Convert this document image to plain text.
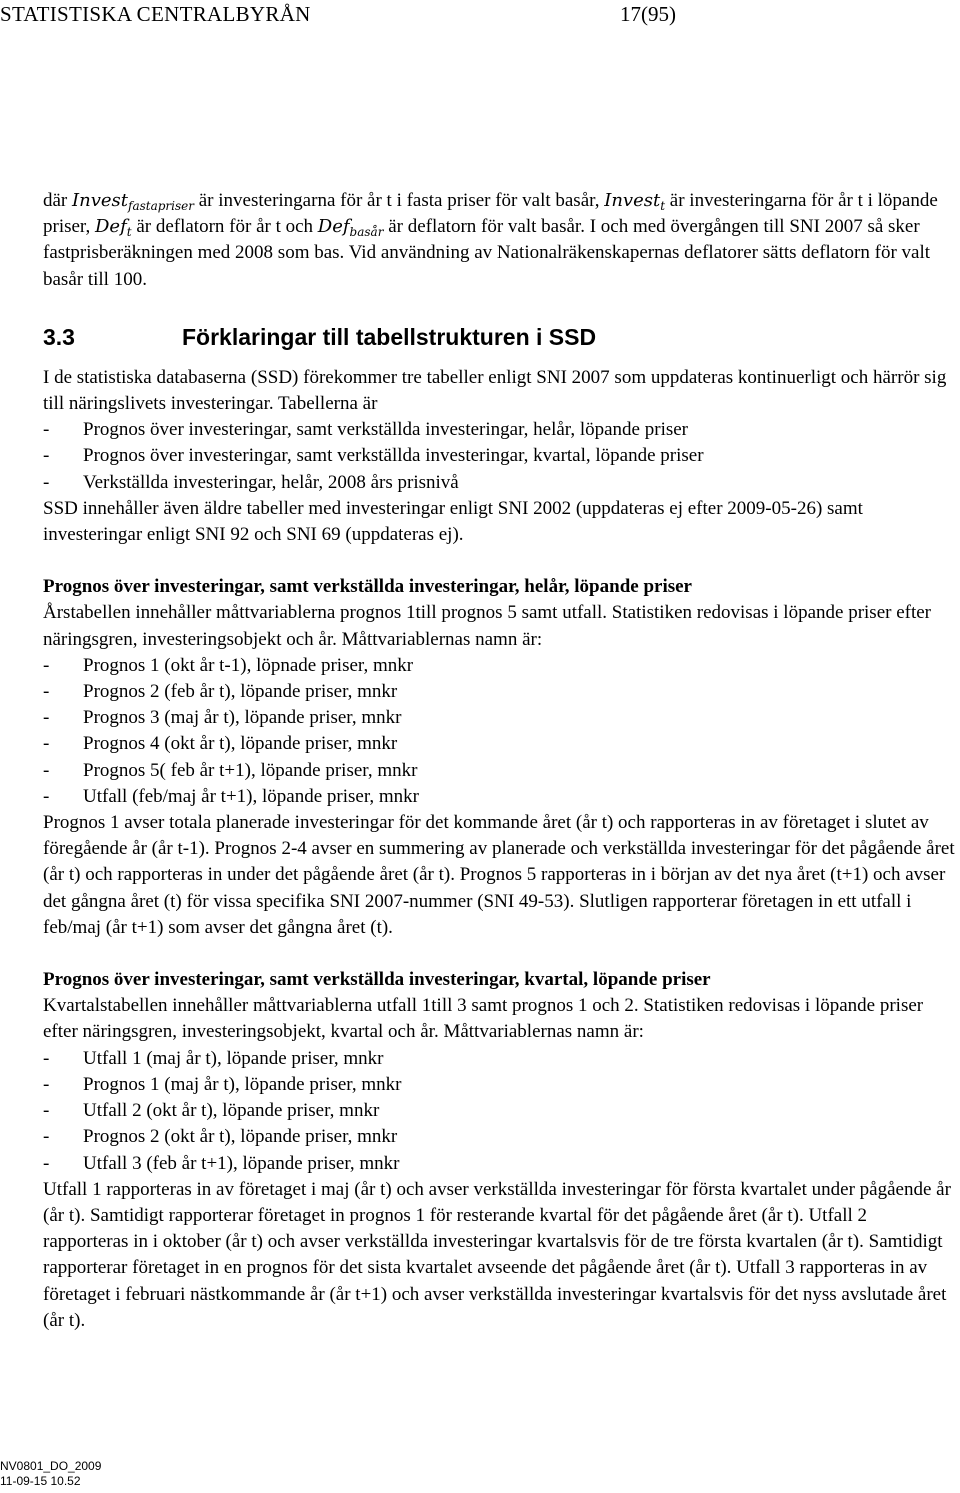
STATISTISKA CENTRALBYRÅN	17(95)

där Invest$_{fastapriser}$ är investeringarna för år t i fasta priser för valt basår, Invest$_t$ är investeringarna för år t i löpande priser, Def$_t$ är deflatorn för år t och Def$_{basår}$ är deflatorn för valt basår. I och med övergången till SNI 2007 så sker fastprisberäkningen med 2008 som bas. Vid användning av Nationalräkenskapernas deflatorer sätts deflatorn för valt basår till 100.

3.3	Förklaringar till tabellstrukturen i SSD

I de statistiska databaserna (SSD) förekommer tre tabeller enligt SNI 2007 som uppdateras kontinuerligt och härrör sig till näringslivets investeringar. Tabellerna är

- Prognos över investeringar, samt verkställda investeringar, helår, löpande priser
- Prognos över investeringar, samt verkställda investeringar, kvartal, löpande priser
- Verkställda investeringar, helår, 2008 års prisnivå

SSD innehåller även äldre tabeller med investeringar enligt SNI 2002 (uppdateras ej efter 2009-05-26) samt investeringar enligt SNI 92 och SNI 69 (uppdateras ej).

Prognos över investeringar, samt verkställda investeringar, helår, löpande priser

Årstabellen innehåller måttvariablerna prognos 1till prognos 5 samt utfall. Statistiken redovisas i löpande priser efter näringsgren, investeringsobjekt och år. Måttvariablernas namn är:

- Prognos 1 (okt år t-1), löpnade priser, mnkr
- Prognos 2 (feb år t), löpande priser, mnkr
- Prognos 3 (maj år t), löpande priser, mnkr
- Prognos 4 (okt år t), löpande priser, mnkr
- Prognos 5( feb år t+1), löpande priser, mnkr
- Utfall (feb/maj år t+1), löpande priser, mnkr

Prognos 1 avser totala planerade investeringar för det kommande året (år t) och rapporteras in av företaget i slutet av föregående år (år t-1). Prognos 2-4 avser en summering av planerade och verkställda investeringar för det pågående året (år t) och rapporteras in under det pågående året (år t). Prognos 5 rapporteras in i början av det nya året (t+1) och avser det gångna året (t) för vissa specifika SNI 2007-nummer (SNI 49-53). Slutligen rapporterar företagen in ett utfall i feb/maj (år t+1) som avser det gångna året (t).

Prognos över investeringar, samt verkställda investeringar, kvartal, löpande priser

Kvartalstabellen innehåller måttvariablerna utfall 1till 3 samt prognos 1 och 2. Statistiken redovisas i löpande priser efter näringsgren, investeringsobjekt, kvartal och år. Måttvariablernas namn är:

- Utfall 1 (maj år t), löpande priser, mnkr
- Prognos 1 (maj år t), löpande priser, mnkr
- Utfall 2 (okt år t), löpande priser, mnkr
- Prognos 2 (okt år t), löpande priser, mnkr
- Utfall 3 (feb år t+1), löpande priser, mnkr

Utfall 1 rapporteras in av företaget i maj (år t) och avser verkställda investeringar för första kvartalet under pågående år (år t). Samtidigt rapporterar företaget in prognos 1 för resterande kvartal för det pågående året (år t). Utfall 2 rapporteras in i oktober (år t) och avser verkställda investeringar kvartalsvis för de tre första kvartalen (år t). Samtidigt rapporterar företaget in en prognos för det sista kvartalet avseende det pågående året (år t). Utfall 3 rapporteras in av företaget i februari nästkommande år (år t+1) och avser verkställda investeringar kvartalsvis för det nyss avslutade året (år t).

NV0801_DO_2009
11-09-15 10.52
